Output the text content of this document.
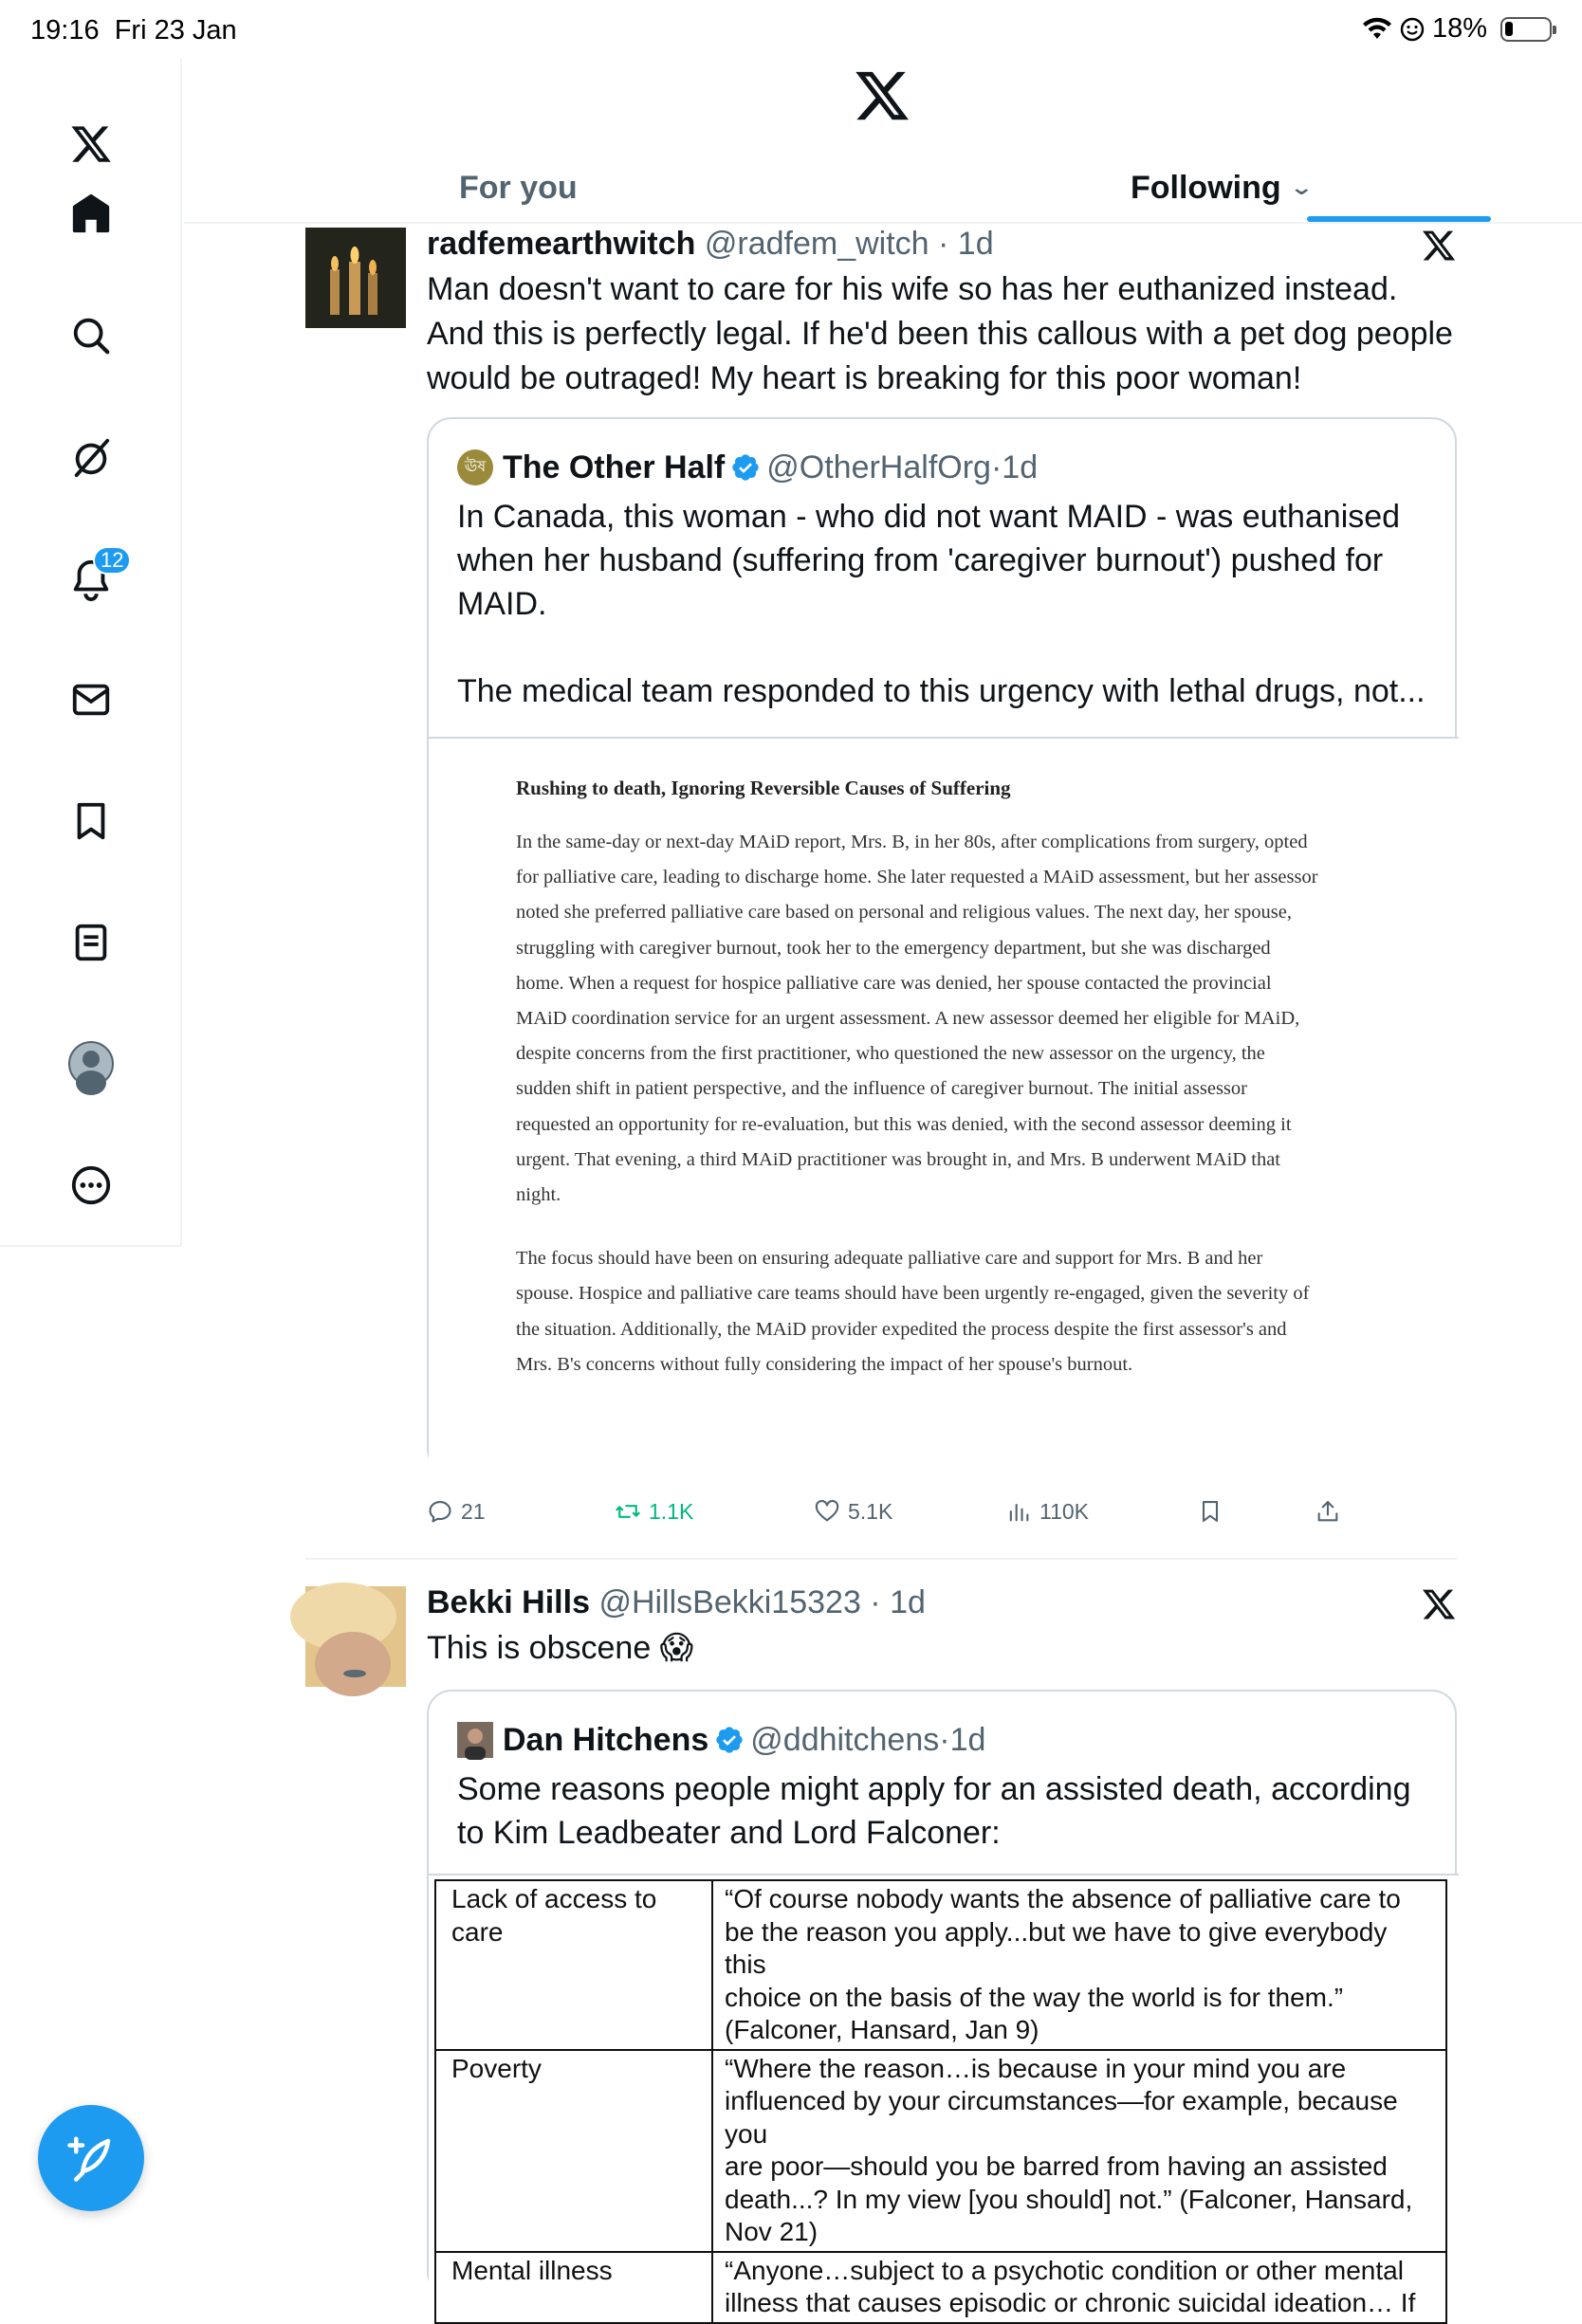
19:16 Fri 23 Jan	18%
12
For you	Following ⌄
radfemearthwitch @radfem_witch · 1d
Man doesn't want to care for his wife so has her euthanized instead.
And this is perfectly legal. If he'd been this callous with a pet dog people
would be outraged! My heart is breaking for this poor woman!
ঊষ The Other Half @OtherHalfOrg · 1d
In Canada, this woman - who did not want MAID - was euthanised
when her husband (suffering from 'caregiver burnout') pushed for
MAID.

The medical team responded to this urgency with lethal drugs, not...
Rushing to death, Ignoring Reversible Causes of Suffering
In the same-day or next-day MAiD report, Mrs. B, in her 80s, after complications from surgery, opted for palliative care, leading to discharge home. She later requested a MAiD assessment, but her assessor noted she preferred palliative care based on personal and religious values. The next day, her spouse, struggling with caregiver burnout, took her to the emergency department, but she was discharged home. When a request for hospice palliative care was denied, her spouse contacted the provincial MAiD coordination service for an urgent assessment. A new assessor deemed her eligible for MAiD, despite concerns from the first practitioner, who questioned the new assessor on the urgency, the sudden shift in patient perspective, and the influence of caregiver burnout. The initial assessor requested an opportunity for re-evaluation, but this was denied, with the second assessor deeming it urgent. That evening, a third MAiD practitioner was brought in, and Mrs. B underwent MAiD that night.
The focus should have been on ensuring adequate palliative care and support for Mrs. B and her spouse. Hospice and palliative care teams should have been urgently re-engaged, given the severity of the situation. Additionally, the MAiD provider expedited the process despite the first assessor's and Mrs. B's concerns without fully considering the impact of her spouse's burnout.
21	1.1K	5.1K	110K
Bekki Hills @HillsBekki15323 · 1d
This is obscene 😱
Dan Hitchens @ddhitchens · 1d
Some reasons people might apply for an assisted death, according
to Kim Leadbeater and Lord Falconer:
Lack of access to
care	“Of course nobody wants the absence of palliative care to
be the reason you apply...but we have to give everybody this
choice on the basis of the way the world is for them.”
(Falconer, Hansard, Jan 9)
Poverty	“Where the reason…is because in your mind you are
influenced by your circumstances—for example, because you
are poor—should you be barred from having an assisted
death...? In my view [you should] not.” (Falconer, Hansard,
Nov 21)
Mental illness	“Anyone…subject to a psychotic condition or other mental
illness that causes episodic or chronic suicidal ideation… If
